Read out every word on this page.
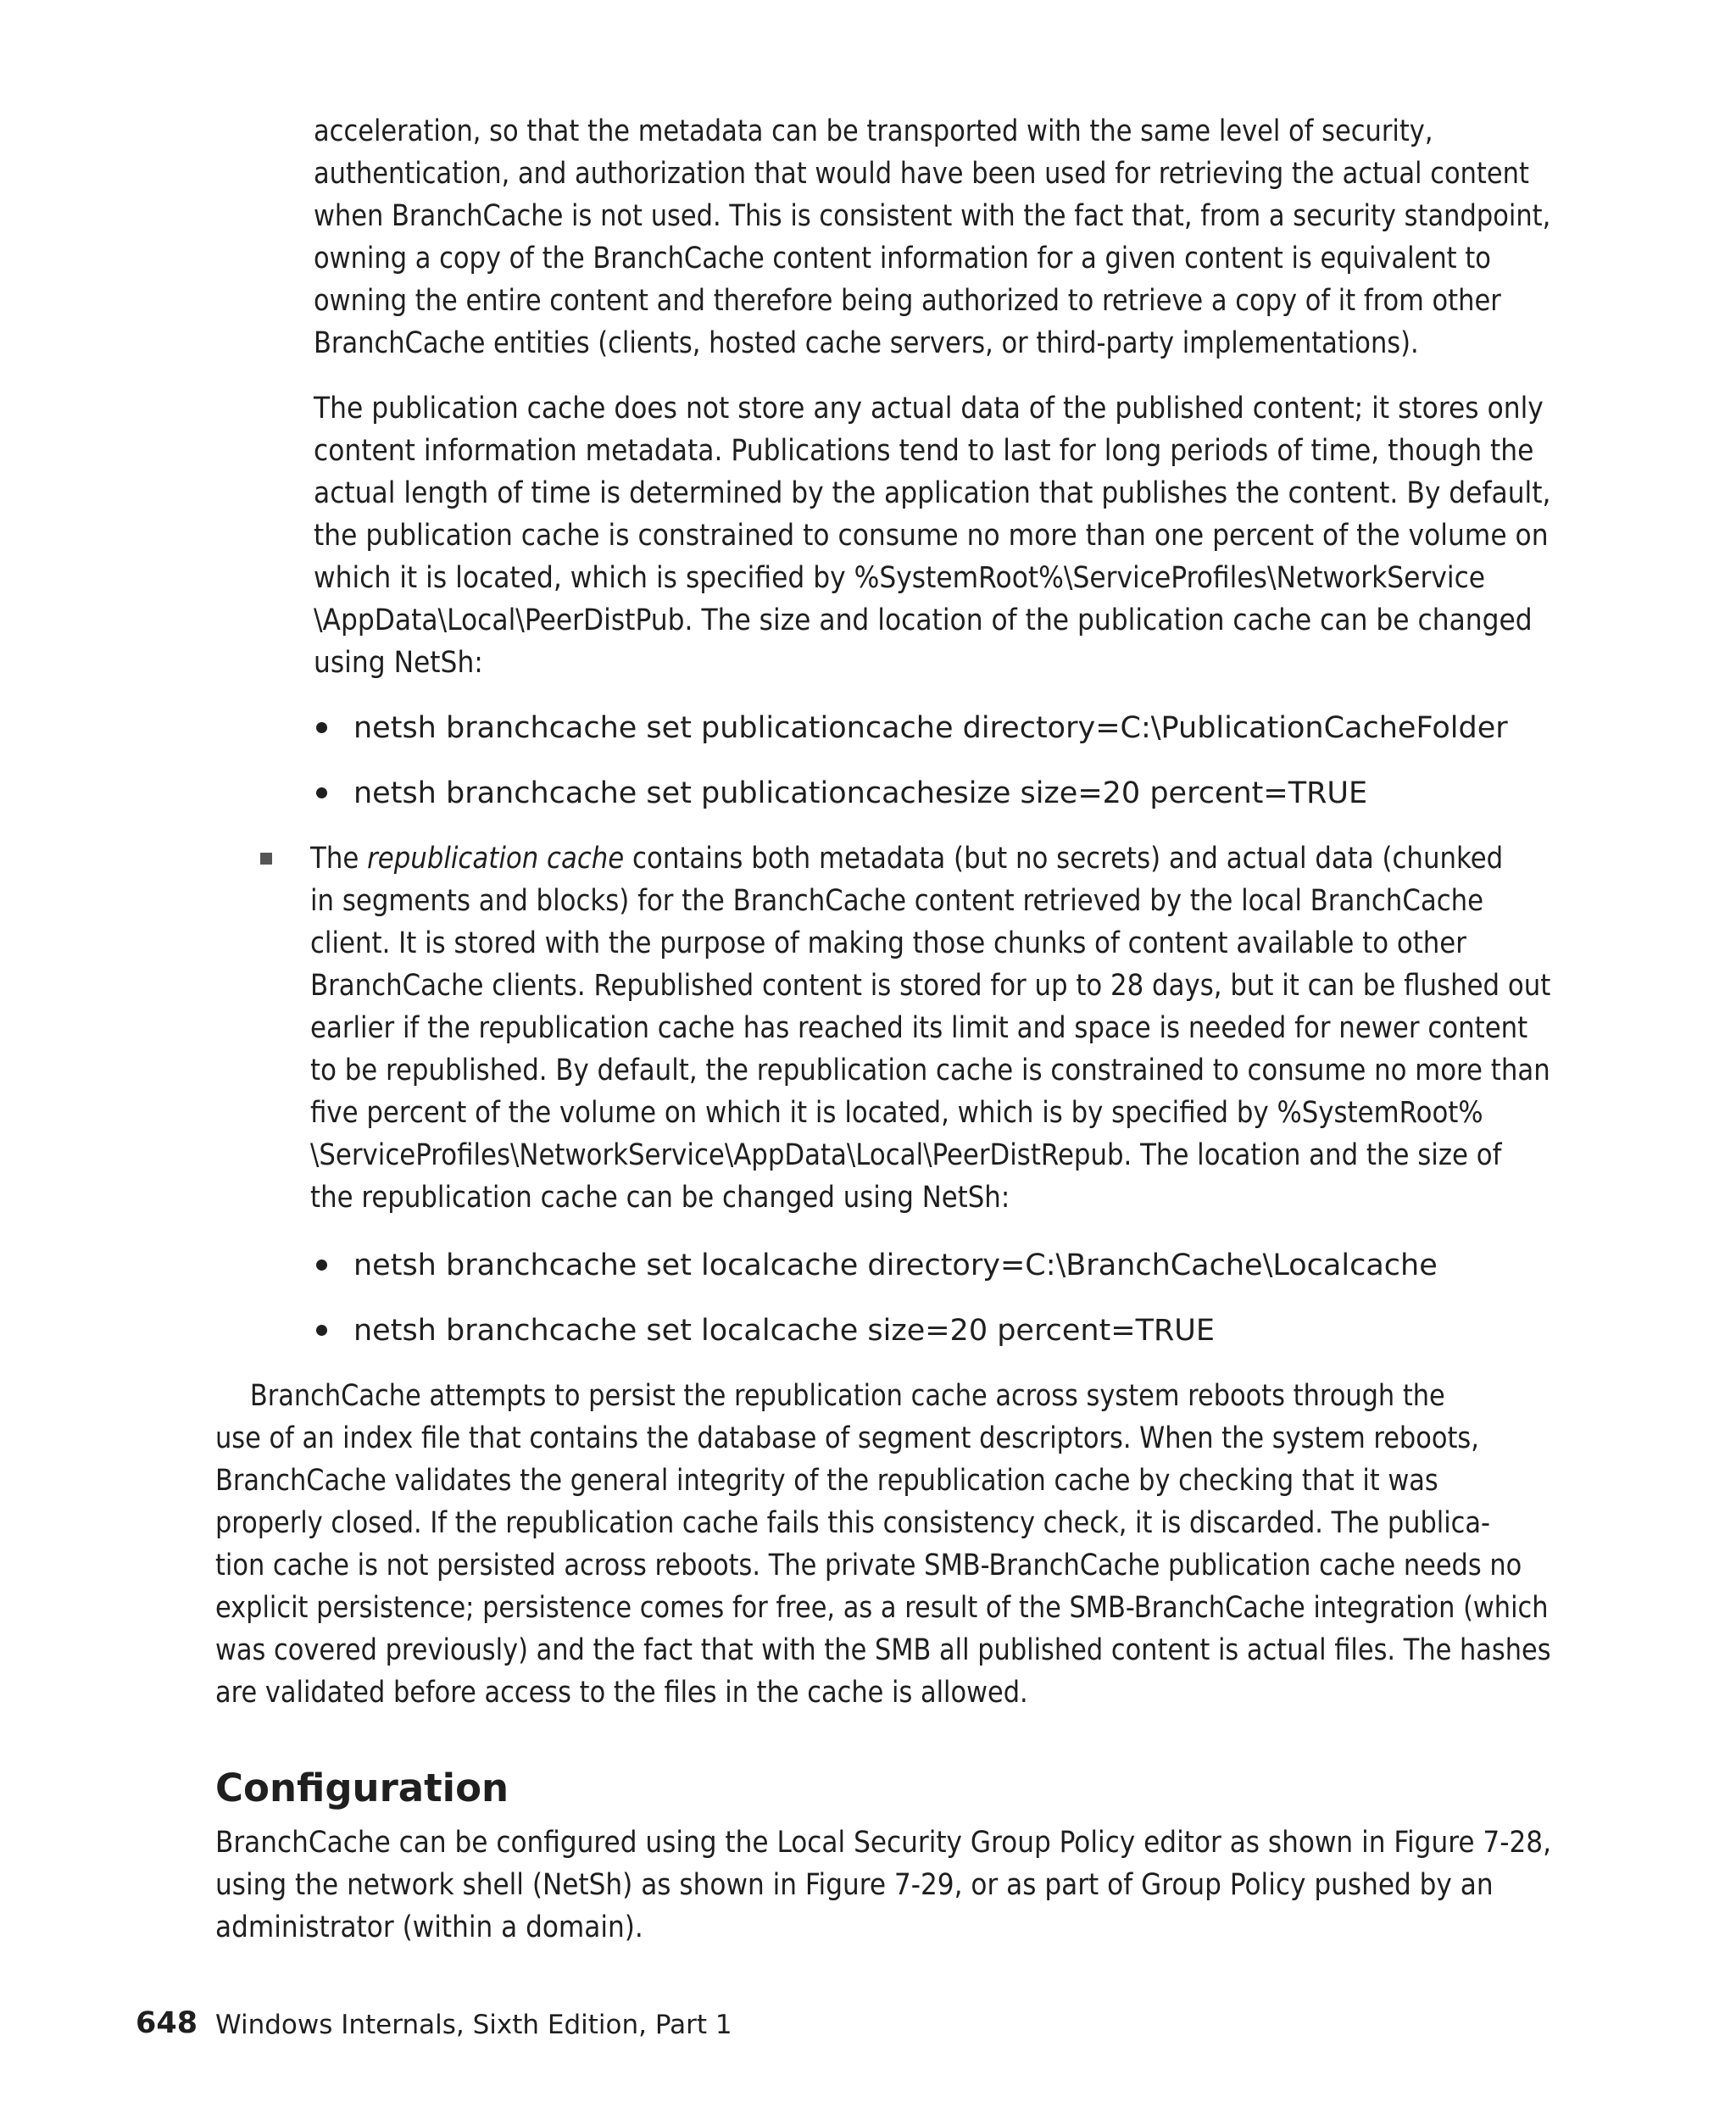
acceleration, so that the metadata can be transported with the same level of security,
authentication, and authorization that would have been used for retrieving the actual content
when BranchCache is not used. This is consistent with the fact that, from a security standpoint,
owning a copy of the BranchCache content information for a given content is equivalent to
owning the entire content and therefore being authorized to retrieve a copy of it from other
BranchCache entities (clients, hosted cache servers, or third-party implementations).
The publication cache does not store any actual data of the published content; it stores only
content information metadata. Publications tend to last for long periods of time, though the
actual length of time is determined by the application that publishes the content. By default,
the publication cache is constrained to consume no more than one percent of the volume on
which it is located, which is specified by %SystemRoot%\ServiceProfiles\NetworkService
\AppData\Local\PeerDistPub. The size and location of the publication cache can be changed
using NetSh:
netsh branchcache set publicationcache directory=C:\PublicationCacheFolder
netsh branchcache set publicationcachesize size=20 percent=TRUE
The republication cache contains both metadata (but no secrets) and actual data (chunked
in segments and blocks) for the BranchCache content retrieved by the local BranchCache
client. It is stored with the purpose of making those chunks of content available to other
BranchCache clients. Republished content is stored for up to 28 days, but it can be flushed out
earlier if the republication cache has reached its limit and space is needed for newer content
to be republished. By default, the republication cache is constrained to consume no more than
five percent of the volume on which it is located, which is by specified by %SystemRoot%
\ServiceProfiles\NetworkService\AppData\Local\PeerDistRepub. The location and the size of
the republication cache can be changed using NetSh:
netsh branchcache set localcache directory=C:\BranchCache\Localcache
netsh branchcache set localcache size=20 percent=TRUE
BranchCache attempts to persist the republication cache across system reboots through the
use of an index file that contains the database of segment descriptors. When the system reboots,
BranchCache validates the general integrity of the republication cache by checking that it was
properly closed. If the republication cache fails this consistency check, it is discarded. The publica-
tion cache is not persisted across reboots. The private SMB-BranchCache publication cache needs no
explicit persistence; persistence comes for free, as a result of the SMB-BranchCache integration (which
was covered previously) and the fact that with the SMB all published content is actual files. The hashes
are validated before access to the files in the cache is allowed.
Configuration
BranchCache can be configured using the Local Security Group Policy editor as shown in Figure 7-28,
using the network shell (NetSh) as shown in Figure 7-29, or as part of Group Policy pushed by an
administrator (within a domain).
648 Windows Internals, Sixth Edition, Part 1
